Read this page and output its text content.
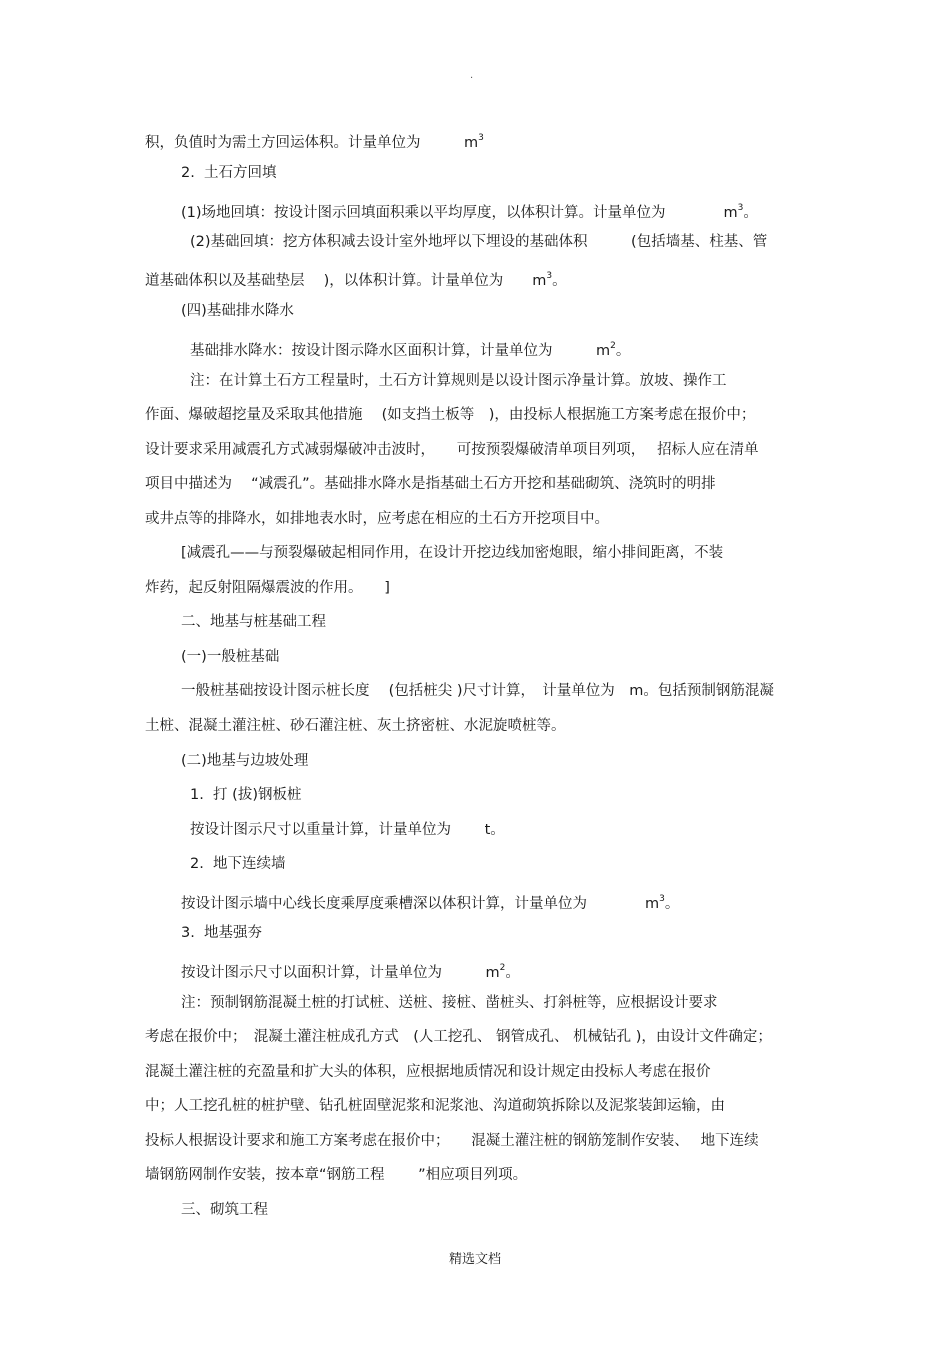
.
积，负值时为需土方回运体积。计量单位为　　　$m^3$
2.  土石方回填
(1)场地回填：按设计图示回填面积乘以平均厚度，以体积计算。计量单位为　　　　$m^3$。
(2)基础回填：挖方体积减去设计室外地坪以下埋设的基础体积　　　(包括墙基、柱基、管
道基础体积以及基础垫层　 )，以体积计算。计量单位为　　$m^3$。
(四)基础排水降水
基础排水降水：按设计图示降水区面积计算，计量单位为　　　$m^2$。
注：在计算土石方工程量时，土石方计算规则是以设计图示净量计算。放坡、操作工
作面、爆破超挖量及采取其他措施　 (如支挡土板等　)，由投标人根据施工方案考虑在报价中；
设计要求采用减震孔方式减弱爆破冲击波时，　　可按预裂爆破清单项目列项，　 招标人应在清单
项目中描述为　 “减震孔”。基础排水降水是指基础土石方开挖和基础砌筑、浇筑时的明排
或井点等的排降水，如排地表水时，应考虑在相应的土石方开挖项目中。
[减震孔——与预裂爆破起相同作用，在设计开挖边线加密炮眼，缩小排间距离，不装
炸药，起反射阻隔爆震波的作用。　　]
二、地基与桩基础工程
(一)一般桩基础
一般桩基础按设计图示桩长度　 (包括桩尖 )尺寸计算，　计量单位为　m。包括预制钢筋混凝
土桩、混凝土灌注桩、砂石灌注桩、灰土挤密桩、水泥旋喷桩等。
(二)地基与边坡处理
1.  打 (拔)钢板桩
按设计图示尺寸以重量计算，计量单位为　　 t。
2.  地下连续墙
按设计图示墙中心线长度乘厚度乘槽深以体积计算，计量单位为　　　　$m^3$。
3.  地基强夯
按设计图示尺寸以面积计算，计量单位为　　　$m^2$。
注：预制钢筋混凝土桩的打试桩、送桩、接桩、凿桩头、打斜桩等，应根据设计要求
考虑在报价中；　混凝土灌注桩成孔方式　(人工挖孔、 钢管成孔、 机械钻孔 )，由设计文件确定；
混凝土灌注桩的充盈量和扩大头的体积，应根据地质情况和设计规定由投标人考虑在报价
中；人工挖孔桩的桩护壁、钻孔桩固壁泥浆和泥浆池、沟道砌筑拆除以及泥浆装卸运输，由
投标人根据设计要求和施工方案考虑在报价中；　　混凝土灌注桩的钢筋笼制作安装、　 地下连续
墙钢筋网制作安装，按本章“钢筋工程　　 ”相应项目列项。
三、砌筑工程
精选文档
